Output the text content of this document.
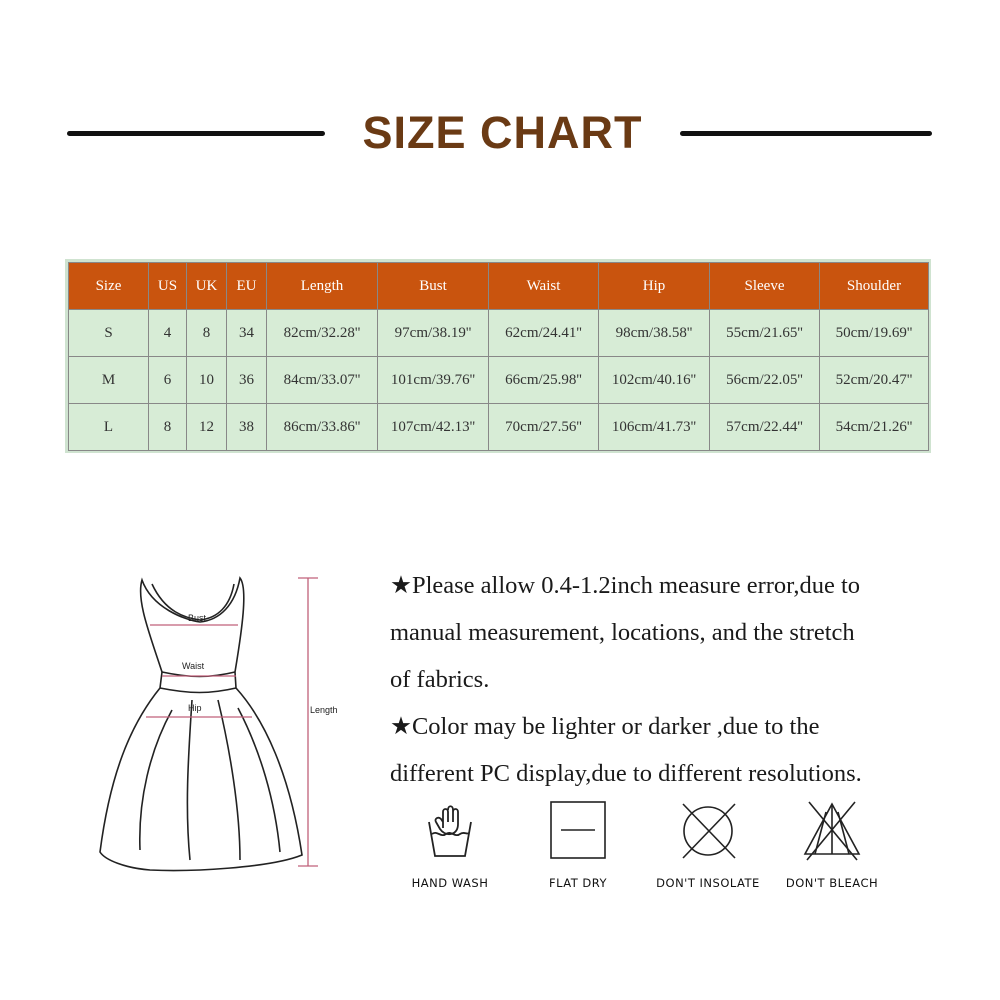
SIZE CHART
Size	US	UK	EU	Length	Bust	Waist	Hip	Sleeve	Shoulder
S	4	8	34	82cm/32.28''	97cm/38.19''	62cm/24.41''	98cm/38.58''	55cm/21.65''	50cm/19.69''
M	6	10	36	84cm/33.07''	101cm/39.76''	66cm/25.98''	102cm/40.16''	56cm/22.05''	52cm/20.47''
L	8	12	38	86cm/33.86''	107cm/42.13''	70cm/27.56''	106cm/41.73''	57cm/22.44''	54cm/21.26''
Bust
Waist
Hip	Length

★Please allow 0.4-1.2inch measure error,due to

manual measurement, locations, and the stretch

of fabrics.

★Color may be lighter or darker ,due to the

different PC display,due to different resolutions.

HAND WASH	FLAT DRY	DON'T INSOLATE	DON'T BLEACH
